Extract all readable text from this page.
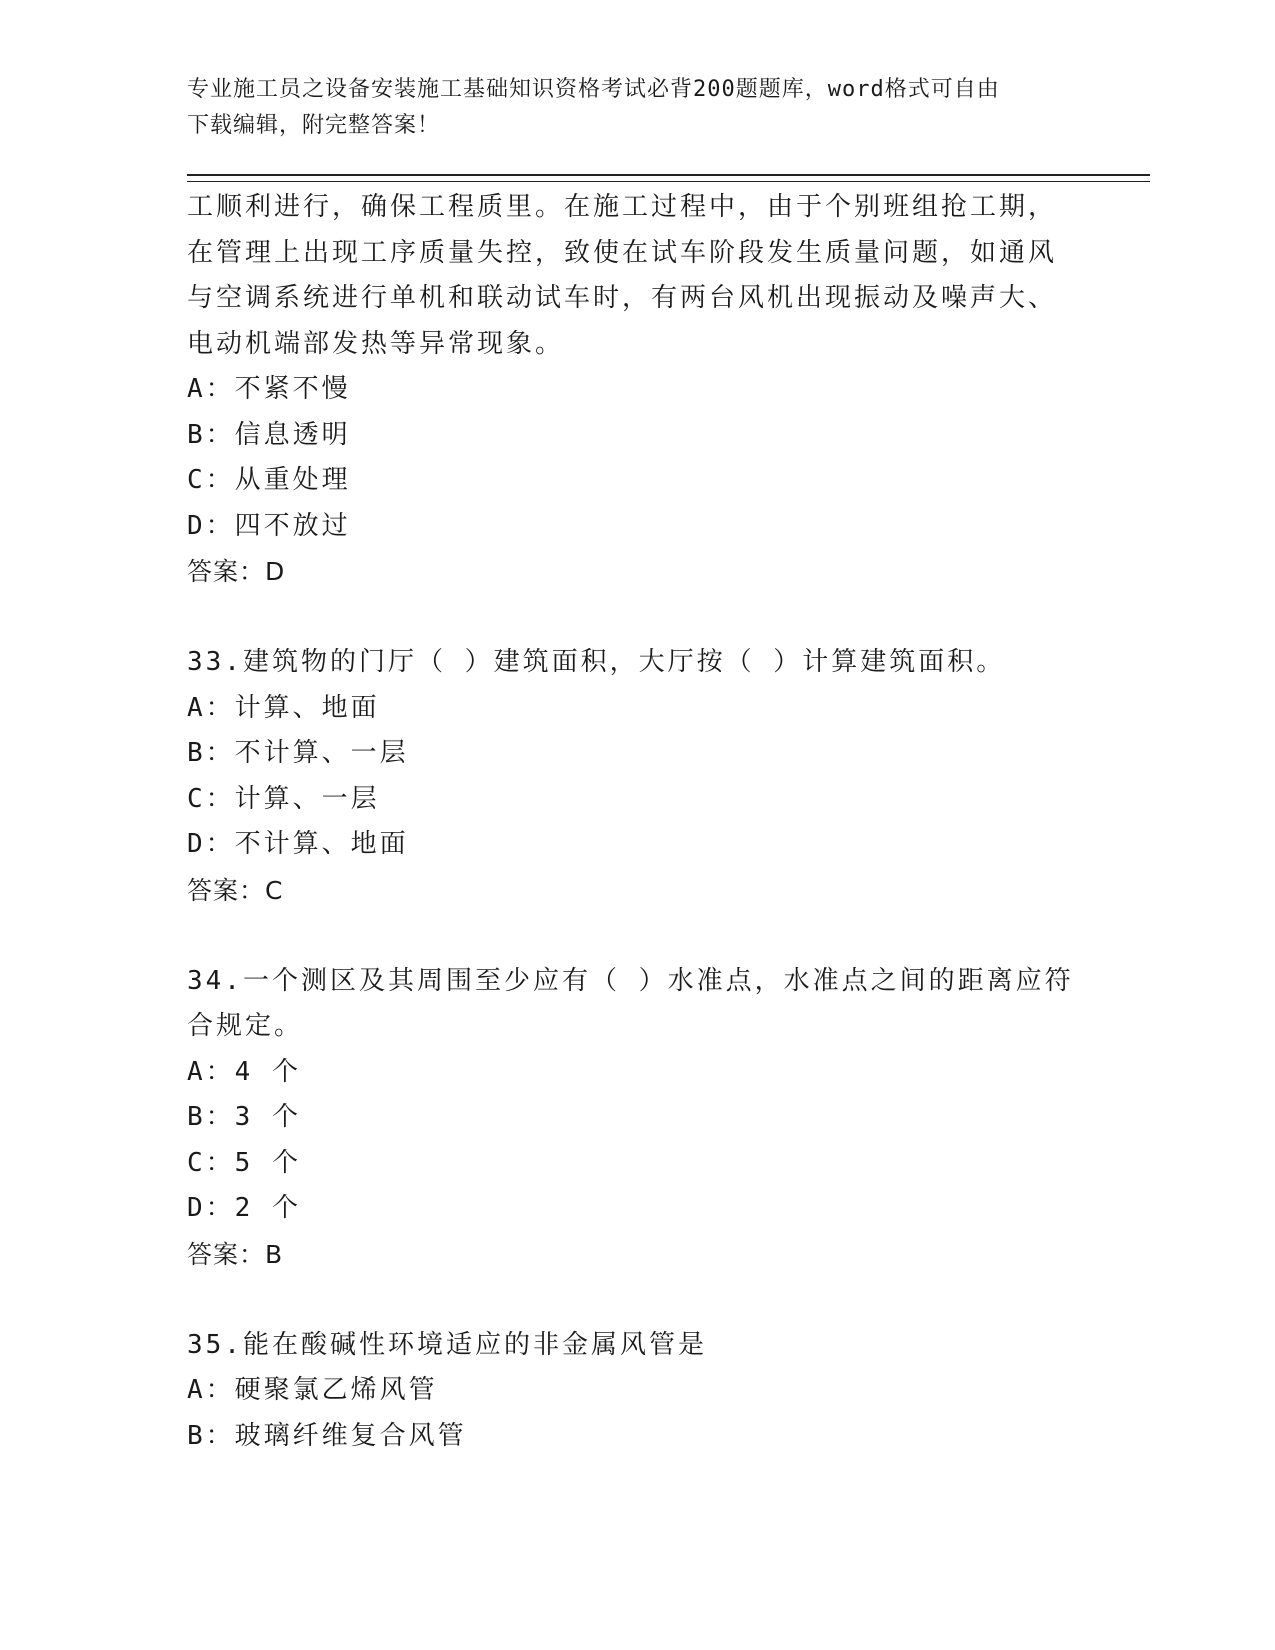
专业施工员之设备安装施工基础知识资格考试必背200题题库，word格式可自由
下载编辑，附完整答案！
工顺利进行，确保工程质里。在施工过程中，由于个别班组抢工期，
在管理上出现工序质量失控，致使在试车阶段发生质量问题，如通风
与空调系统进行单机和联动试车时，有两台风机出现振动及噪声大、
电动机端部发热等异常现象。
A：不紧不慢
B：信息透明
C：从重处理
D：四不放过
答案：D
33.建筑物的门厅（ ）建筑面积，大厅按（ ）计算建筑面积。
A：计算、地面
B：不计算、一层
C：计算、一层
D：不计算、地面
答案：C
34.一个测区及其周围至少应有（ ）水准点，水准点之间的距离应符
合规定。
A：4 个
B：3 个
C：5 个
D：2 个
答案：B
35.能在酸碱性环境适应的非金属风管是
A：硬聚氯乙烯风管
B：玻璃纤维复合风管
